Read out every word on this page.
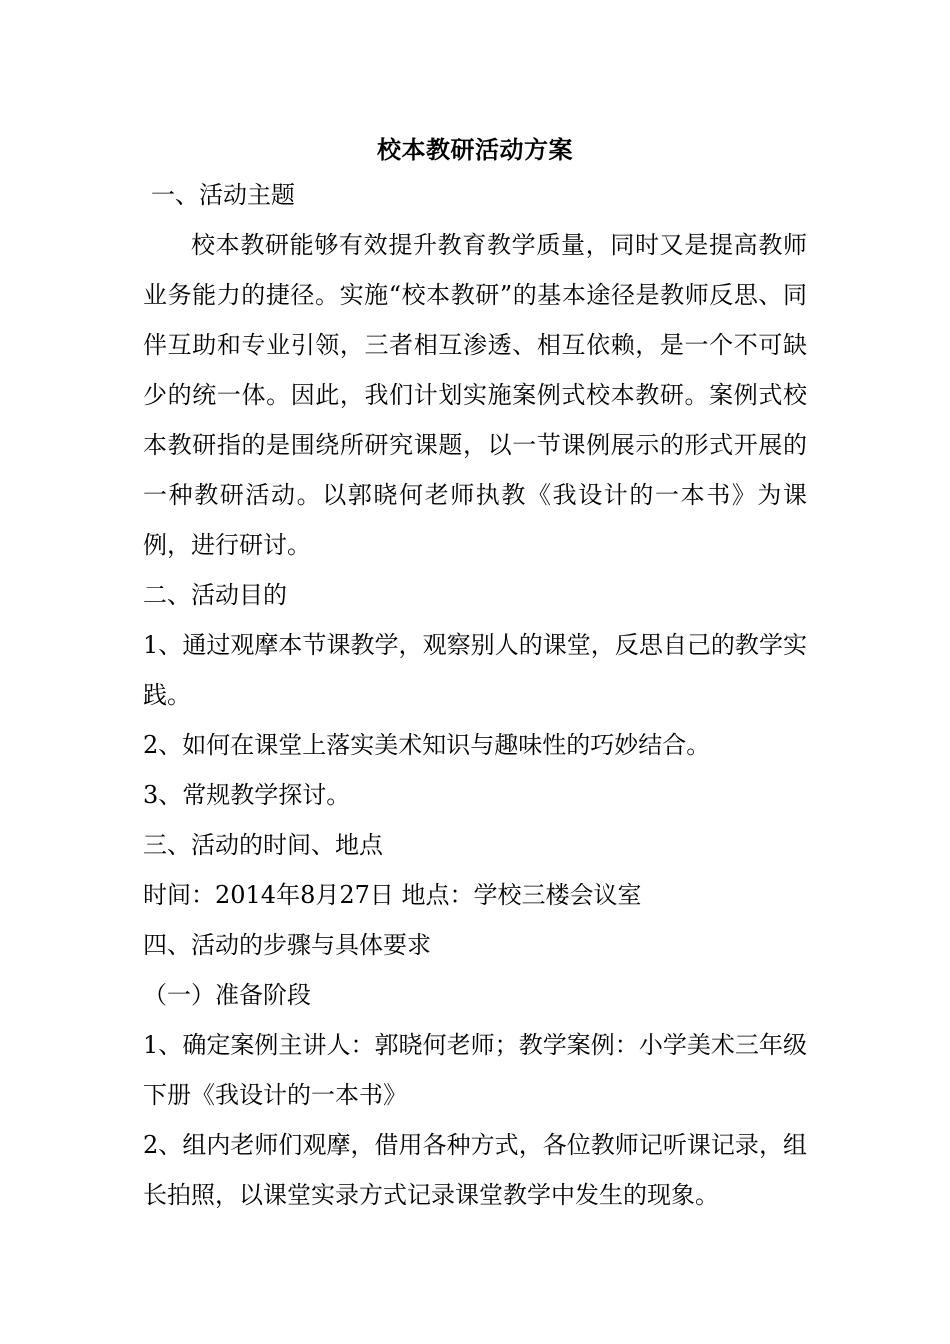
校本教研活动方案

一、活动主题

校本教研能够有效提升教育教学质量，同时又是提高教师业务能力的捷径。实施“校本教研”的基本途径是教师反思、同伴互助和专业引领，三者相互渗透、相互依赖，是一个不可缺少的统一体。因此，我们计划实施案例式校本教研。案例式校本教研指的是围绕所研究课题，以一节课例展示的形式开展的一种教研活动。以郭晓何老师执教《我设计的一本书》为课例，进行研讨。

二、活动目的

1、通过观摩本节课教学，观察别人的课堂，反思自己的教学实践。

2、如何在课堂上落实美术知识与趣味性的巧妙结合。

3、常规教学探讨。

三、活动的时间、地点

时间：2014年8月27日 地点：学校三楼会议室

四、活动的步骤与具体要求

（一）准备阶段

1、确定案例主讲人：郭晓何老师；教学案例：小学美术三年级下册《我设计的一本书》

2、组内老师们观摩，借用各种方式，各位教师记听课记录，组长拍照，以课堂实录方式记录课堂教学中发生的现象。
